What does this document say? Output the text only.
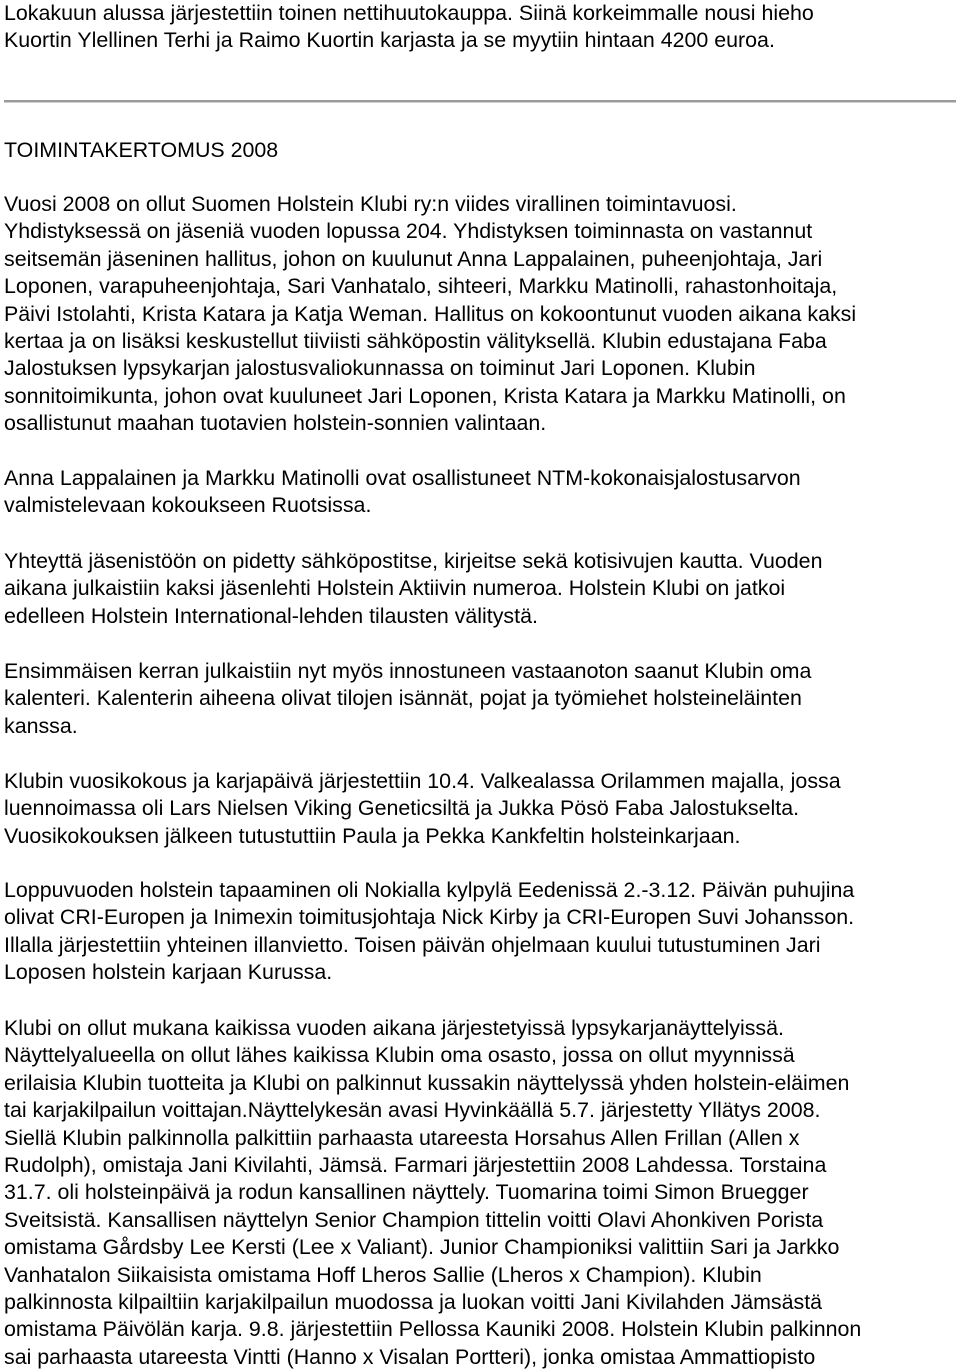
Lokakuun alussa järjestettiin toinen nettihuutokauppa. Siinä korkeimmalle nousi hieho
Kuortin Ylellinen Terhi ja Raimo Kuortin karjasta ja se myytiin hintaan 4200 euroa.

TOIMINTAKERTOMUS 2008

Vuosi 2008 on ollut Suomen Holstein Klubi ry:n viides virallinen toimintavuosi.
Yhdistyksessä on jäseniä vuoden lopussa 204. Yhdistyksen toiminnasta on vastannut
seitsemän jäseninen hallitus, johon on kuulunut Anna Lappalainen, puheenjohtaja, Jari
Loponen, varapuheenjohtaja, Sari Vanhatalo, sihteeri, Markku Matinolli, rahastonhoitaja,
Päivi Istolahti, Krista Katara ja Katja Weman. Hallitus on kokoontunut vuoden aikana kaksi
kertaa ja on lisäksi keskustellut tiiviisti sähköpostin välityksellä. Klubin edustajana Faba
Jalostuksen lypsykarjan jalostusvaliokunnassa on toiminut Jari Loponen. Klubin
sonnitoimikunta, johon ovat kuuluneet Jari Loponen, Krista Katara ja Markku Matinolli, on
osallistunut maahan tuotavien holstein-sonnien valintaan.

Anna Lappalainen ja Markku Matinolli ovat osallistuneet NTM-kokonaisjalostusarvon
valmistelevaan kokoukseen Ruotsissa.

Yhteyttä jäsenistöön on pidetty sähköpostitse, kirjeitse sekä kotisivujen kautta. Vuoden
aikana julkaistiin kaksi jäsenlehti Holstein Aktiivin numeroa. Holstein Klubi on jatkoi
edelleen Holstein International-lehden tilausten välitystä.

Ensimmäisen kerran julkaistiin nyt myös innostuneen vastaanoton saanut Klubin oma
kalenteri. Kalenterin aiheena olivat tilojen isännät, pojat ja työmiehet holsteineläinten
kanssa.

Klubin vuosikokous ja karjapäivä järjestettiin 10.4. Valkealassa Orilammen majalla, jossa
luennoimassa oli Lars Nielsen Viking Geneticsiltä ja Jukka Pösö Faba Jalostukselta.
Vuosikokouksen jälkeen tutustuttiin Paula ja Pekka Kankfeltin holsteinkarjaan.

Loppuvuoden holstein tapaaminen oli Nokialla kylpylä Eedenissä 2.-3.12. Päivän puhujina
olivat CRI-Europen ja Inimexin toimitusjohtaja Nick Kirby ja CRI-Europen Suvi Johansson.
Illalla järjestettiin yhteinen illanvietto. Toisen päivän ohjelmaan kuului tutustuminen Jari
Loposen holstein karjaan Kurussa.

Klubi on ollut mukana kaikissa vuoden aikana järjestetyissä lypsykarjanäyttelyissä.
Näyttelyalueella on ollut lähes kaikissa Klubin oma osasto, jossa on ollut myynnissä
erilaisia Klubin tuotteita ja Klubi on palkinnut kussakin näyttelyssä yhden holstein-eläimen
tai karjakilpailun voittajan.Näyttelykesän avasi Hyvinkäällä 5.7. järjestetty Yllätys 2008.
Siellä Klubin palkinnolla palkittiin parhaasta utareesta Horsahus Allen Frillan (Allen x
Rudolph), omistaja Jani Kivilahti, Jämsä. Farmari järjestettiin 2008 Lahdessa. Torstaina
31.7. oli holsteinpäivä ja rodun kansallinen näyttely. Tuomarina toimi Simon Bruegger
Sveitsistä. Kansallisen näyttelyn Senior Champion tittelin voitti Olavi Ahonkiven Porista
omistama Gårdsby Lee Kersti (Lee x Valiant). Junior Championiksi valittiin Sari ja Jarkko
Vanhatalon Siikaisista omistama Hoff Lheros Sallie (Lheros x Champion). Klubin
palkinnosta kilpailtiin karjakilpailun muodossa ja luokan voitti Jani Kivilahden Jämsästä
omistama Päivölän karja. 9.8. järjestettiin Pellossa Kauniki 2008. Holstein Klubin palkinnon
sai parhaasta utareesta Vintti (Hanno x Visalan Portteri), jonka omistaa Ammattiopisto
